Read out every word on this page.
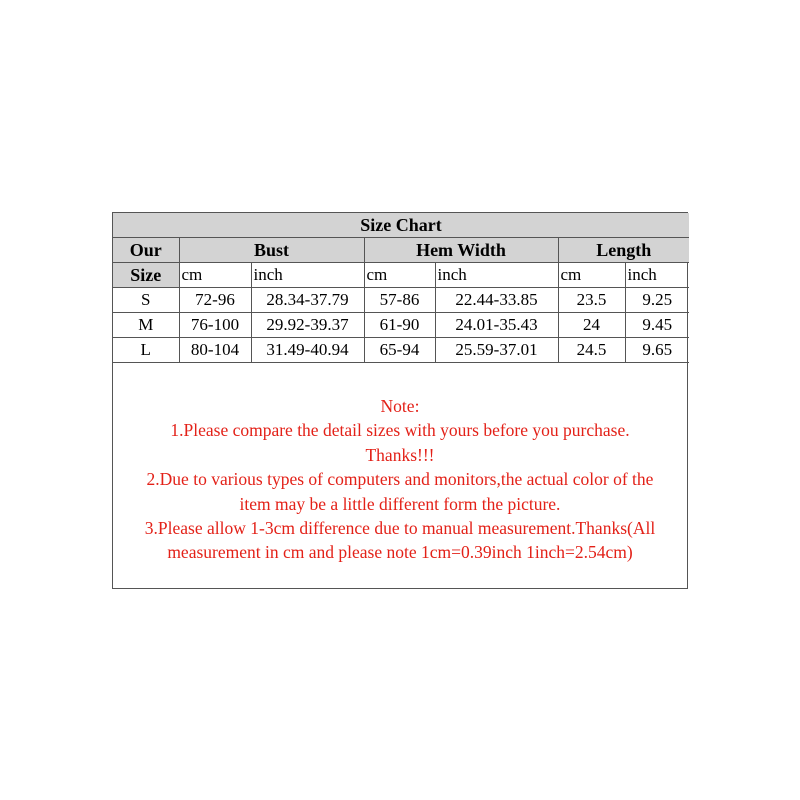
Size Chart						
Our	Bust		Hem Width		Length	
Size	cm	inch	cm	inch	cm	inch
S	72-96	28.34-37.79	57-86	22.44-33.85	23.5	9.25
M	76-100	29.92-39.37	61-90	24.01-35.43	24	9.45
L	80-104	31.49-40.94	65-94	25.59-37.01	24.5	9.65
Note:
1.Please compare the detail sizes with yours before you purchase.
Thanks!!!
2.Due to various types of computers and monitors,the actual color of the
item may be a little different form the picture.
3.Please allow 1-3cm difference due to manual measurement.Thanks(All
measurement in cm and please note 1cm=0.39inch 1inch=2.54cm)
